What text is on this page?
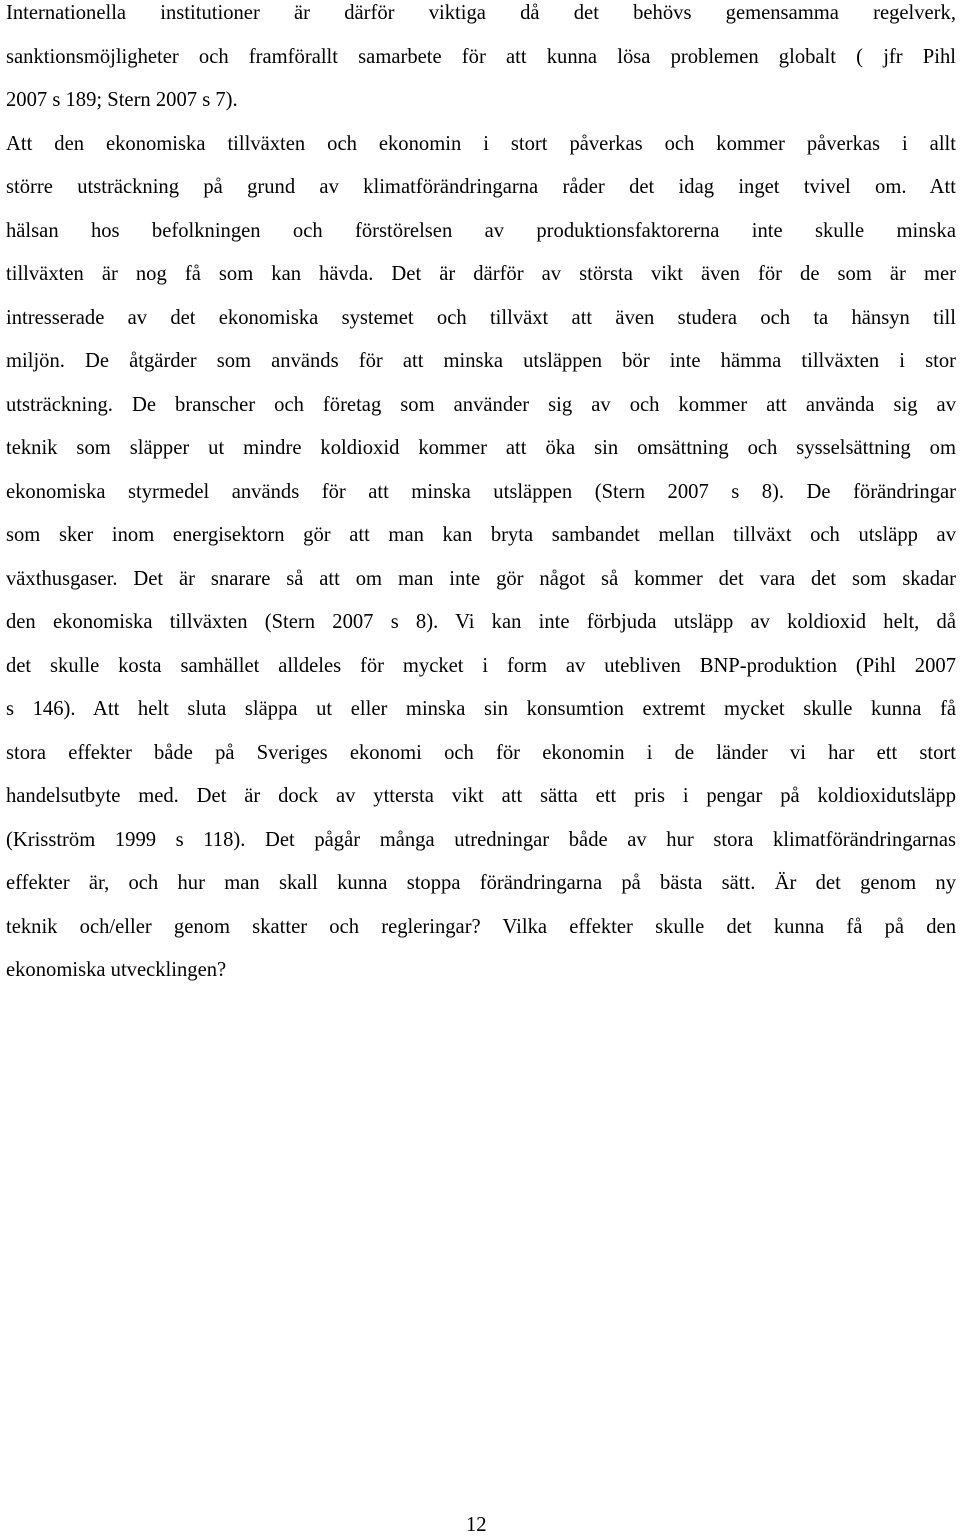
Internationella institutioner är därför viktiga då det behövs gemensamma regelverk,
sanktionsmöjligheter och framförallt samarbete för att kunna lösa problemen globalt ( jfr Pihl
2007 s 189; Stern 2007 s 7).
Att den ekonomiska tillväxten och ekonomin i stort påverkas och kommer påverkas i allt
större utsträckning på grund av klimatförändringarna råder det idag inget tvivel om. Att
hälsan hos befolkningen och förstörelsen av produktionsfaktorerna inte skulle minska
tillväxten är nog få som kan hävda. Det är därför av största vikt även för de som är mer
intresserade av det ekonomiska systemet och tillväxt att även studera och ta hänsyn till
miljön. De åtgärder som används för att minska utsläppen bör inte hämma tillväxten i stor
utsträckning. De branscher och företag som använder sig av och kommer att använda sig av
teknik som släpper ut mindre koldioxid kommer att öka sin omsättning och sysselsättning om
ekonomiska styrmedel används för att minska utsläppen (Stern 2007 s 8). De förändringar
som sker inom energisektorn gör att man kan bryta sambandet mellan tillväxt och utsläpp av
växthusgaser. Det är snarare så att om man inte gör något så kommer det vara det som skadar
den ekonomiska tillväxten (Stern 2007 s 8). Vi kan inte förbjuda utsläpp av koldioxid helt, då
det skulle kosta samhället alldeles för mycket i form av utebliven BNP-produktion (Pihl 2007
s 146). Att helt sluta släppa ut eller minska sin konsumtion extremt mycket skulle kunna få
stora effekter både på Sveriges ekonomi och för ekonomin i de länder vi har ett stort
handelsutbyte med. Det är dock av yttersta vikt att sätta ett pris i pengar på koldioxidutsläpp
(Krisström 1999 s 118). Det pågår många utredningar både av hur stora klimatförändringarnas
effekter är, och hur man skall kunna stoppa förändringarna på bästa sätt. Är det genom ny
teknik och/eller genom skatter och regleringar? Vilka effekter skulle det kunna få på den
ekonomiska utvecklingen?

12
